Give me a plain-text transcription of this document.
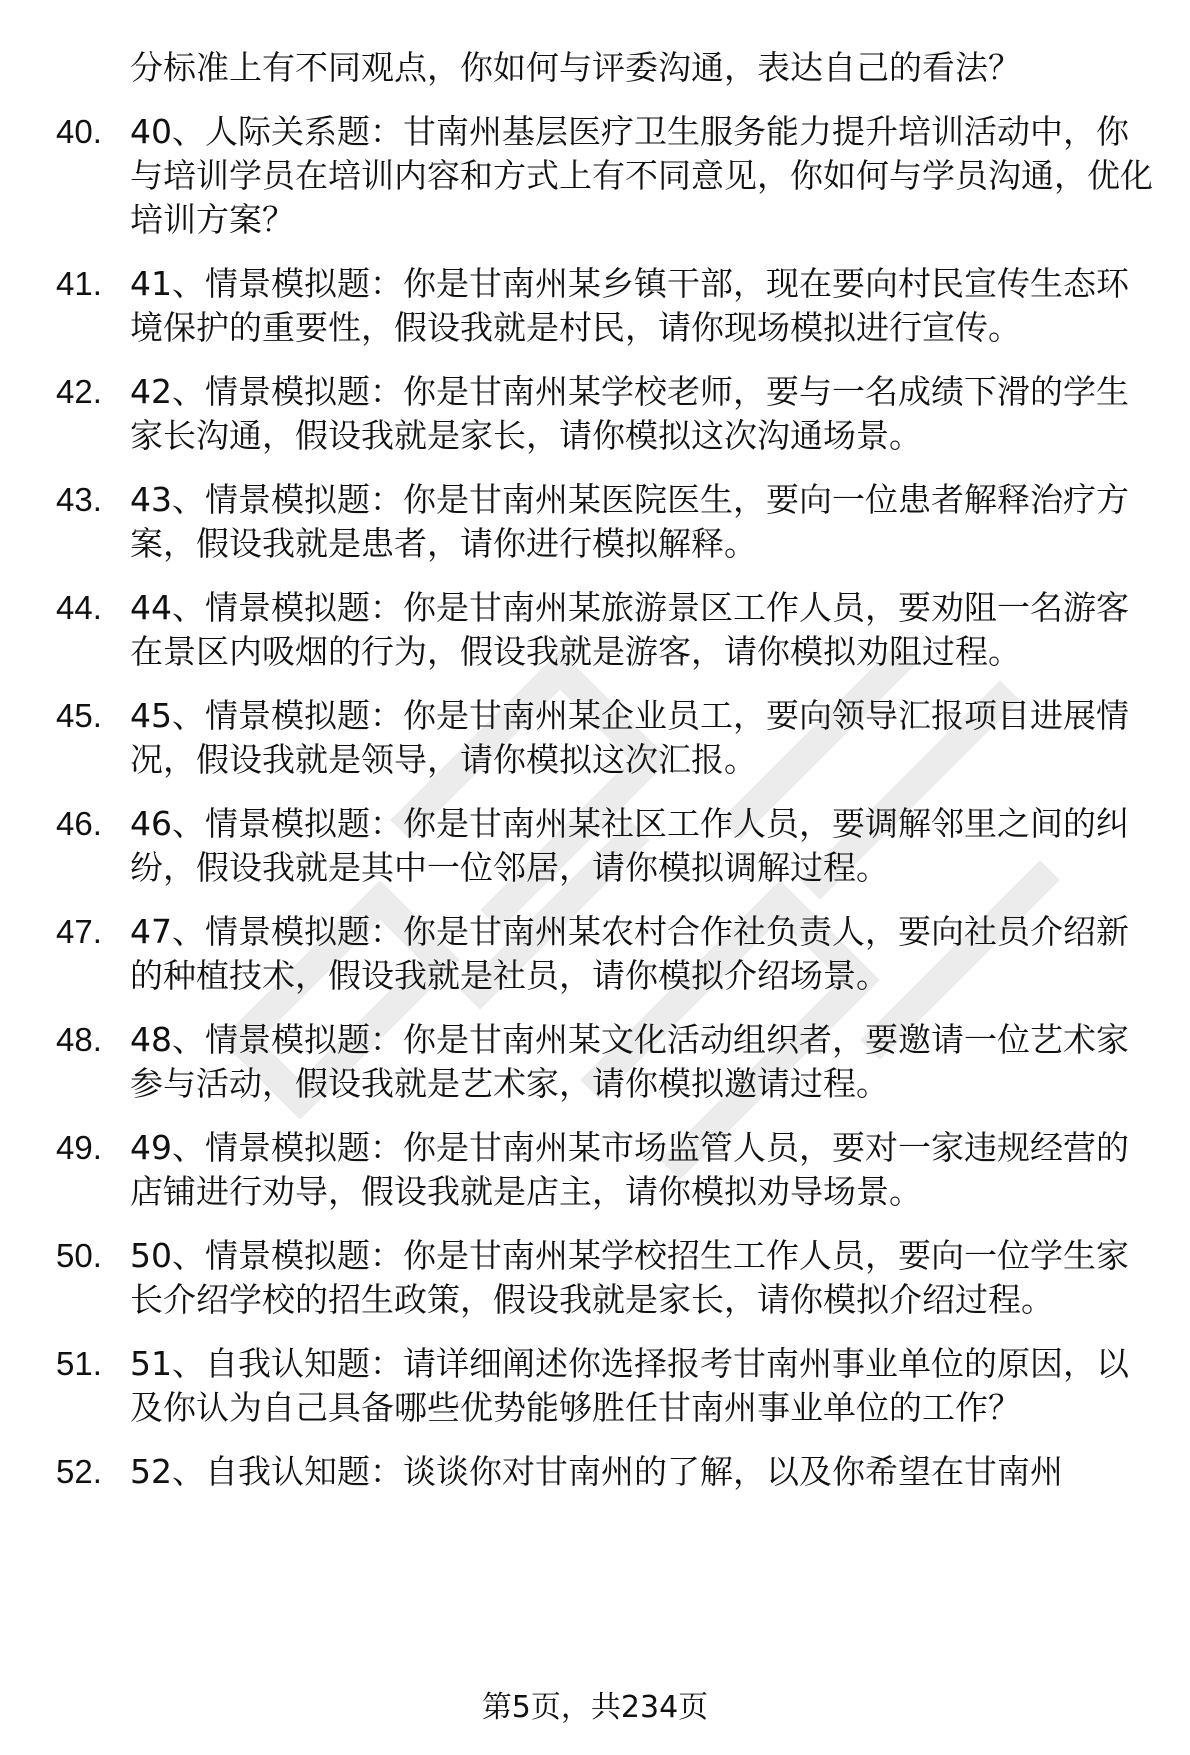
分标准上有不同观点，你如何与评委沟通，表达自己的看法？
40. 40、人际关系题：甘南州基层医疗卫生服务能力提升培训活动中，你与培训学员在培训内容和方式上有不同意见，你如何与学员沟通，优化培训方案？
41. 41、情景模拟题：你是甘南州某乡镇干部，现在要向村民宣传生态环境保护的重要性，假设我就是村民，请你现场模拟进行宣传。
42. 42、情景模拟题：你是甘南州某学校老师，要与一名成绩下滑的学生家长沟通，假设我就是家长，请你模拟这次沟通场景。
43. 43、情景模拟题：你是甘南州某医院医生，要向一位患者解释治疗方案，假设我就是患者，请你进行模拟解释。
44. 44、情景模拟题：你是甘南州某旅游景区工作人员，要劝阻一名游客在景区内吸烟的行为，假设我就是游客，请你模拟劝阻过程。
45. 45、情景模拟题：你是甘南州某企业员工，要向领导汇报项目进展情况，假设我就是领导，请你模拟这次汇报。
46. 46、情景模拟题：你是甘南州某社区工作人员，要调解邻里之间的纠纷，假设我就是其中一位邻居，请你模拟调解过程。
47. 47、情景模拟题：你是甘南州某农村合作社负责人，要向社员介绍新的种植技术，假设我就是社员，请你模拟介绍场景。
48. 48、情景模拟题：你是甘南州某文化活动组织者，要邀请一位艺术家参与活动，假设我就是艺术家，请你模拟邀请过程。
49. 49、情景模拟题：你是甘南州某市场监管人员，要对一家违规经营的店铺进行劝导，假设我就是店主，请你模拟劝导场景。
50. 50、情景模拟题：你是甘南州某学校招生工作人员，要向一位学生家长介绍学校的招生政策，假设我就是家长，请你模拟介绍过程。
51. 51、自我认知题：请详细阐述你选择报考甘南州事业单位的原因，以及你认为自己具备哪些优势能够胜任甘南州事业单位的工作？
52. 52、自我认知题：谈谈你对甘南州的了解，以及你希望在甘南州
第5页，共234页
